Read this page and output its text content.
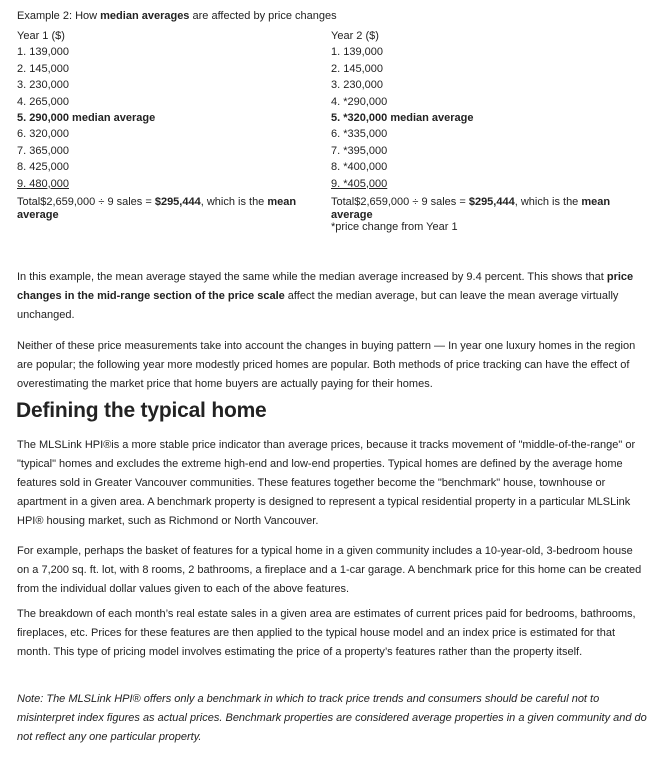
Example 2: How median averages are affected by price changes
Year 1 ($)
1. 139,000
2. 145,000
3. 230,000
4. 265,000
5. 290,000 median average
6. 320,000
7. 365,000
8. 425,000
9. 480,000
Total$2,659,000 ÷ 9 sales = $295,444, which is the mean average
Year 2 ($)
1. 139,000
2. 145,000
3. 230,000
4. *290,000
5. *320,000 median average
6. *335,000
7. *395,000
8. *400,000
9. *405,000
Total$2,659,000 ÷ 9 sales = $295,444, which is the mean average
*price change from Year 1

In this example, the mean average stayed the same while the median average increased by 9.4 percent. This shows that price changes in the mid-range section of the price scale affect the median average, but can leave the mean average virtually unchanged.

Neither of these price measurements take into account the changes in buying pattern — In year one luxury homes in the region are popular; the following year more modestly priced homes are popular. Both methods of price tracking can have the effect of overestimating the market price that home buyers are actually paying for their homes.

Defining the typical home

The MLSLink HPI®is a more stable price indicator than average prices, because it tracks movement of "middle-of-the-range" or "typical" homes and excludes the extreme high-end and low-end properties. Typical homes are defined by the average home features sold in Greater Vancouver communities. These features together become the "benchmark" house, townhouse or apartment in a given area. A benchmark property is designed to represent a typical residential property in a particular MLSLink HPI® housing market, such as Richmond or North Vancouver.

For example, perhaps the basket of features for a typical home in a given community includes a 10-year-old, 3-bedroom house on a 7,200 sq. ft. lot, with 8 rooms, 2 bathrooms, a fireplace and a 1-car garage. A benchmark price for this home can be created from the individual dollar values given to each of the above features.

The breakdown of each month’s real estate sales in a given area are estimates of current prices paid for bedrooms, bathrooms, fireplaces, etc. Prices for these features are then applied to the typical house model and an index price is estimated for that month. This type of pricing model involves estimating the price of a property’s features rather than the property itself.

Note: The MLSLink HPI® offers only a benchmark in which to track price trends and consumers should be careful not to misinterpret index figures as actual prices. Benchmark properties are considered average properties in a given community and do not reflect any one particular property.
